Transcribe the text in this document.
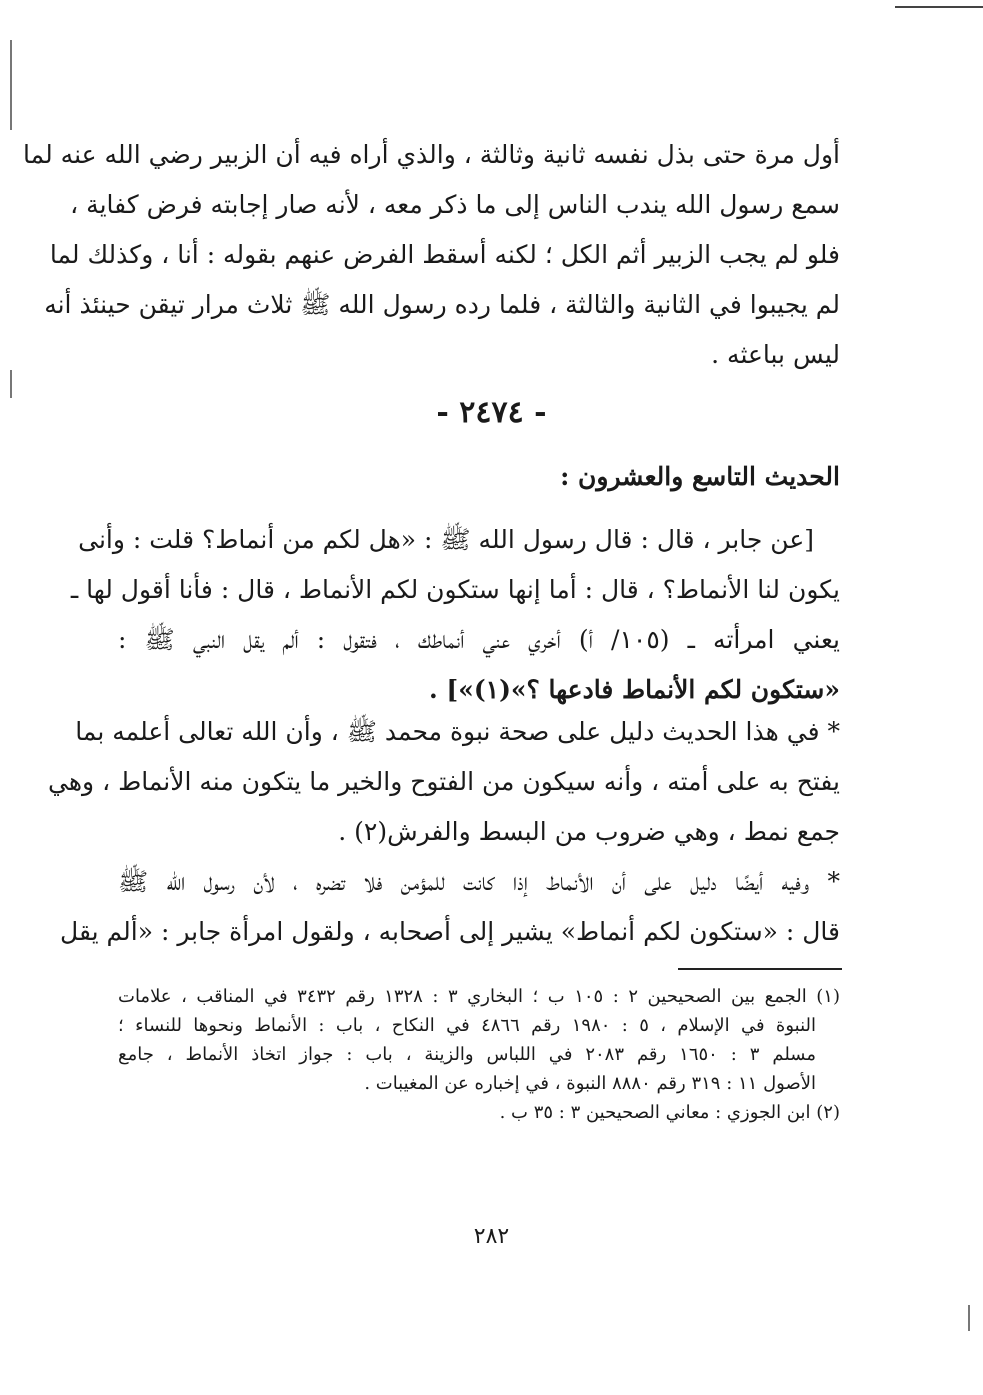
أول مرة حتى بذل نفسه ثانية وثالثة ، والذي أراه فيه أن الزبير رضي الله عنه لما
سمع رسول الله يندب الناس إلى ما ذكر معه ، لأنه صار إجابته فرض كفاية ،
فلو لم يجب الزبير أثم الكل ؛ لكنه أسقط الفرض عنهم بقوله : أنا ، وكذلك لما
لم يجيبوا في الثانية والثالثة ، فلما رده رسول الله ﷺ ثلاث مرار تيقن حينئذ أنه
ليس بباعثه .
- ٢٤٧٤ -
الحديث التاسع والعشرون :
[عن جابر ، قال : قال رسول الله ﷺ : «هل لكم من أنماط؟ قلت : وأنى
يكون لنا الأنماط؟ ، قال : أما إنها ستكون لكم الأنماط ، قال : فأنا أقول لها ـ
يعني امرأته ـ (١٠٥/ أ) أخري عني أنماطك ، فتقول : ألم يقل النبي ﷺ :
«ستكون لكم الأنماط فادعها ؟»(١)»] .
* في هذا الحديث دليل على صحة نبوة محمد ﷺ ، وأن الله تعالى أعلمه بما
يفتح به على أمته ، وأنه سيكون من الفتوح والخير ما يتكون منه الأنماط ، وهي
جمع نمط ، وهي ضروب من البسط والفرش(٢) .
* وفيه أيضًا دليل على أن الأنماط إذا كانت للمؤمن فلا تضره ، لأن رسول الله ﷺ
قال : «ستكون لكم أنماط» يشير إلى أصحابه ، ولقول امرأة جابر : «ألم يقل
(١) الجمع بين الصحيحين ٢ : ١٠٥ ب ؛ البخاري ٣ : ١٣٢٨ رقم ٣٤٣٢ في المناقب ، علامات
النبوة في الإسلام ، ٥ : ١٩٨٠ رقم ٤٨٦٦ في النكاح ، باب : الأنماط ونحوها للنساء ؛
مسلم ٣ : ١٦٥٠ رقم ٢٠٨٣ في اللباس والزينة ، باب : جواز اتخاذ الأنماط ، جامع
الأصول ١١ : ٣١٩ رقم ٨٨٨٠ النبوة ، في إخباره عن المغيبات .
(٢) ابن الجوزي : معاني الصحيحين ٣ : ٣٥ ب .
٢٨٢
